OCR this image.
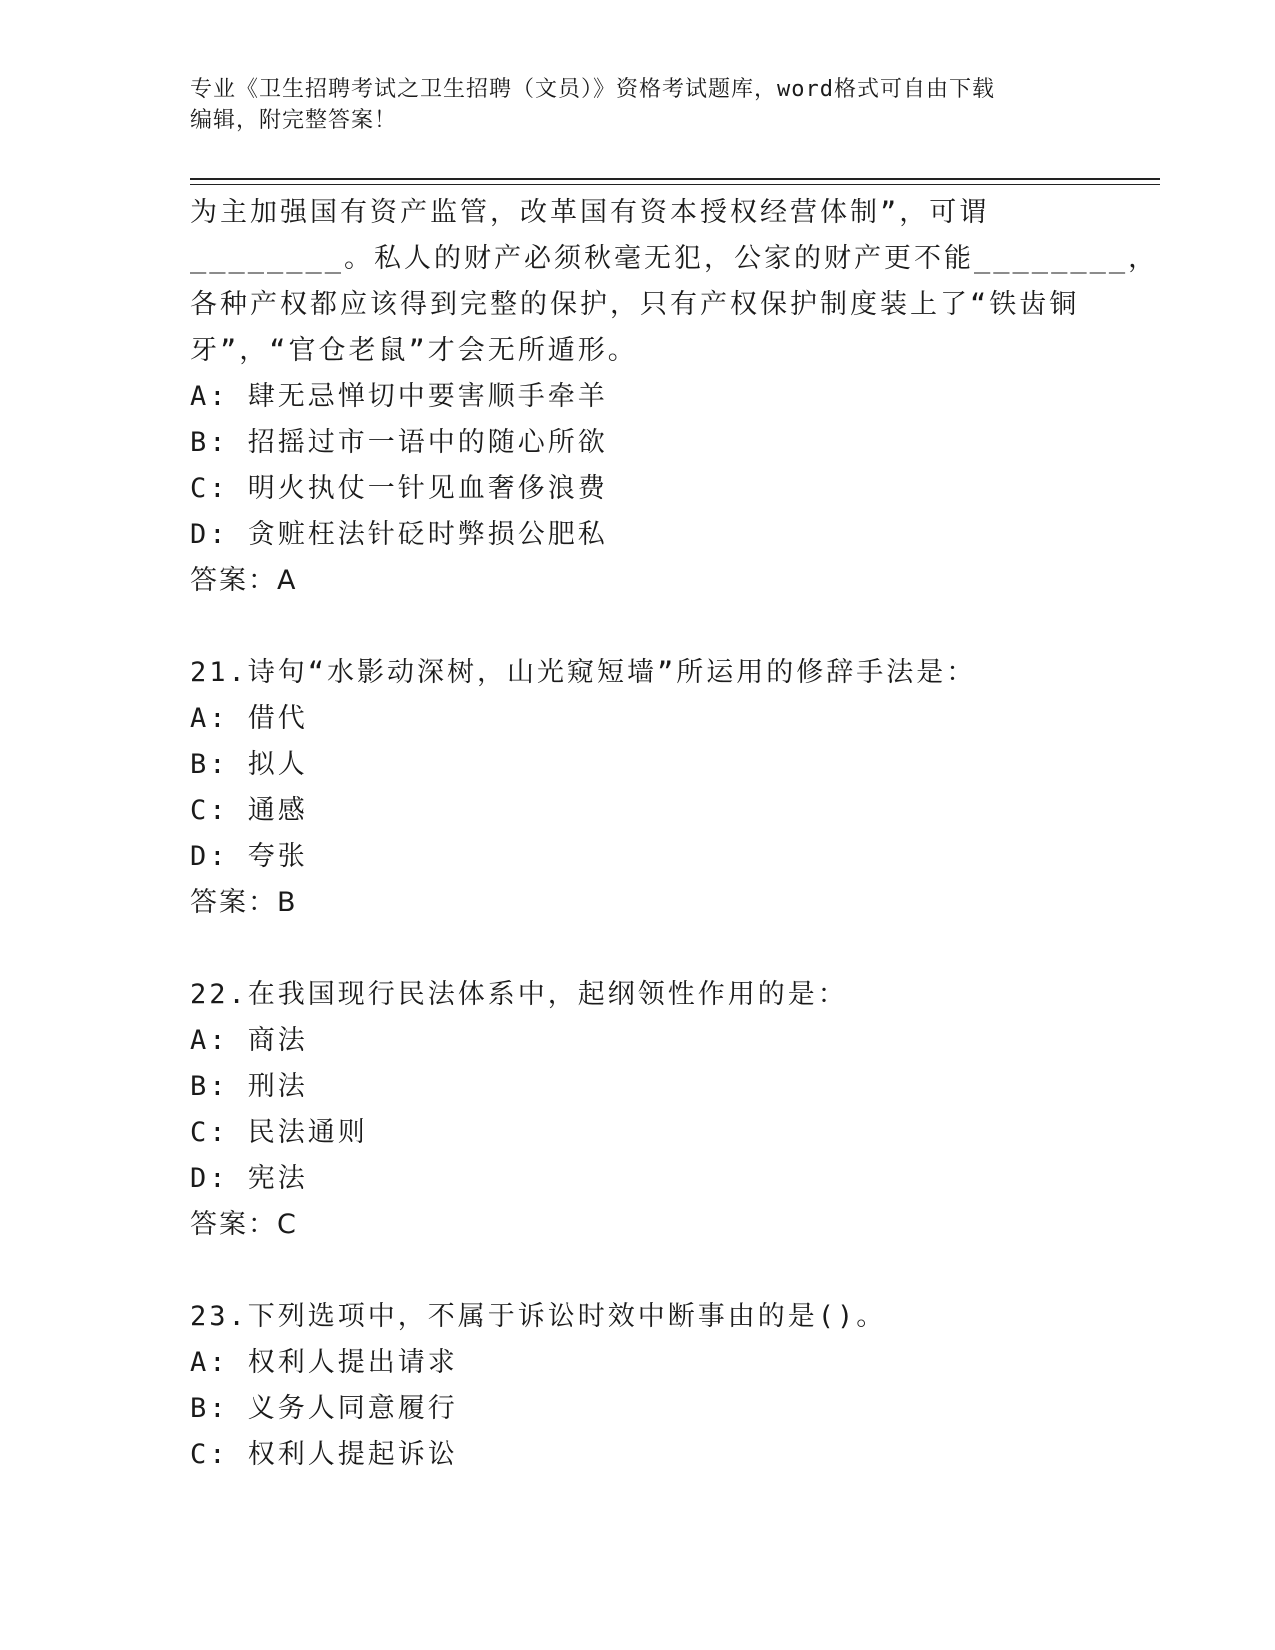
专业《卫生招聘考试之卫生招聘（文员）》资格考试题库，word格式可自由下载
编辑，附完整答案！
为主加强国有资产监管，改革国有资本授权经营体制”，可谓
________。私人的财产必须秋毫无犯，公家的财产更不能________，
各种产权都应该得到完整的保护，只有产权保护制度装上了“铁齿铜
牙”，“官仓老鼠”才会无所遁形。
A: 肆无忌惮切中要害顺手牵羊
B: 招摇过市一语中的随心所欲
C: 明火执仗一针见血奢侈浪费
D: 贪赃枉法针砭时弊损公肥私
答案：A
21.诗句“水影动深树，山光窥短墙”所运用的修辞手法是：
A: 借代
B: 拟人
C: 通感
D: 夸张
答案：B
22.在我国现行民法体系中，起纲领性作用的是：
A: 商法
B: 刑法
C: 民法通则
D: 宪法
答案：C
23.下列选项中，不属于诉讼时效中断事由的是()。
A: 权利人提出请求
B: 义务人同意履行
C: 权利人提起诉讼
